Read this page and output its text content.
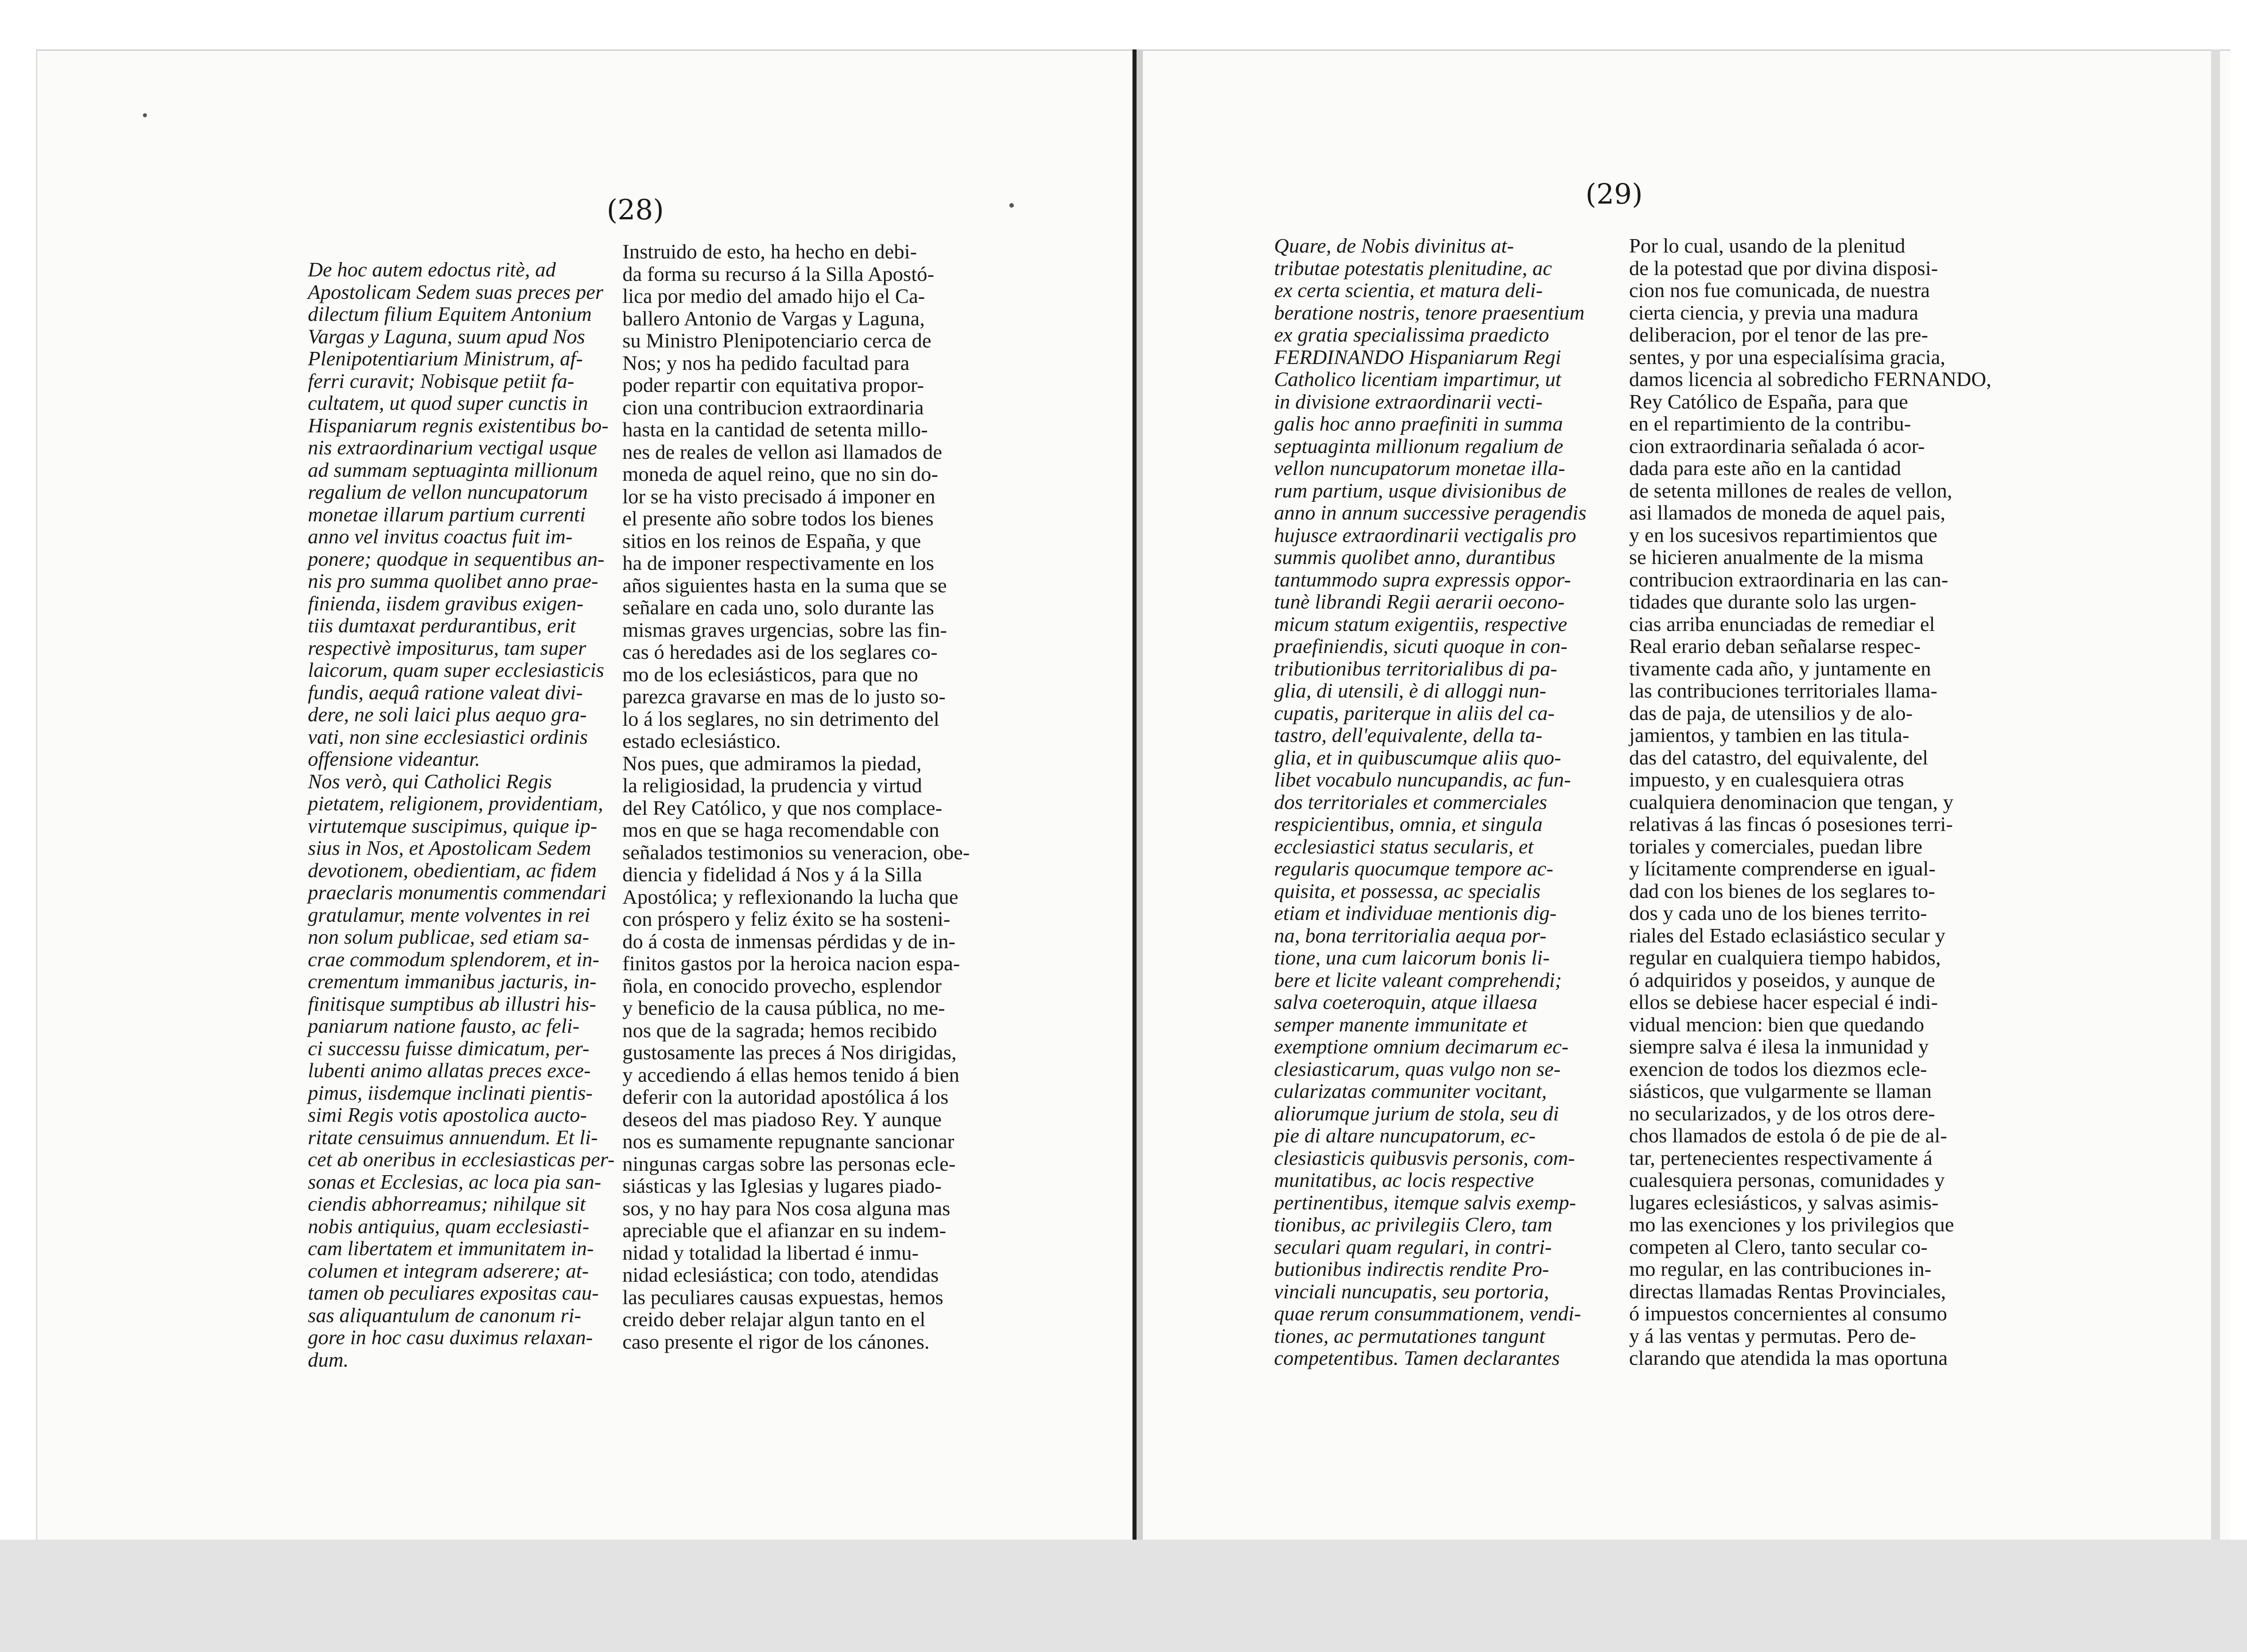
(28)	(29)

De hoc autem edoctus ritè, ad
Apostolicam Sedem suas preces per
dilectum filium Equitem Antonium
Vargas y Laguna, suum apud Nos
Plenipotentiarium Ministrum, af-
ferri curavit; Nobisque petiit fa-
cultatem, ut quod super cunctis in
Hispaniarum regnis existentibus bo-
nis extraordinarium vectigal usque
ad summam septuaginta millionum
regalium de vellon nuncupatorum
monetae illarum partium currenti
anno vel invitus coactus fuit im-
ponere; quodque in sequentibus an-
nis pro summa quolibet anno prae-
finienda, iisdem gravibus exigen-
tiis dumtaxat perdurantibus, erit
respectivè impositurus, tam super
laicorum, quam super ecclesiasticis
fundis, aequâ ratione valeat divi-
dere, ne soli laici plus aequo gra-
vati, non sine ecclesiastici ordinis
offensione videantur.
Nos verò, qui Catholici Regis
pietatem, religionem, providentiam,
virtutemque suscipimus, quique ip-
sius in Nos, et Apostolicam Sedem
devotionem, obedientiam, ac fidem
praeclaris monumentis commendari
gratulamur, mente volventes in rei
non solum publicae, sed etiam sa-
crae commodum splendorem, et in-
crementum immanibus jacturis, in-
finitisque sumptibus ab illustri his-
paniarum natione fausto, ac feli-
ci successu fuisse dimicatum, per-
lubenti animo allatas preces exce-
pimus, iisdemque inclinati pientis-
simi Regis votis apostolica aucto-
ritate censuimus annuendum. Et li-
cet ab oneribus in ecclesiasticas per-
sonas et Ecclesias, ac loca pia san-
ciendis abhorreamus; nihilque sit
nobis antiquius, quam ecclesiasti-
cam libertatem et immunitatem in-
columen et integram adserere; at-
tamen ob peculiares expositas cau-
sas aliquantulum de canonum ri-
gore in hoc casu duximus relaxan-
dum.
Instruido de esto, ha hecho en debi-
da forma su recurso á la Silla Apostó-
lica por medio del amado hijo el Ca-
ballero Antonio de Vargas y Laguna,
su Ministro Plenipotenciario cerca de
Nos; y nos ha pedido facultad para
poder repartir con equitativa propor-
cion una contribucion extraordinaria
hasta en la cantidad de setenta millo-
nes de reales de vellon asi llamados de
moneda de aquel reino, que no sin do-
lor se ha visto precisado á imponer en
el presente año sobre todos los bienes
sitios en los reinos de España, y que
ha de imponer respectivamente en los
años siguientes hasta en la suma que se
señalare en cada uno, solo durante las
mismas graves urgencias, sobre las fin-
cas ó heredades asi de los seglares co-
mo de los eclesiásticos, para que no
parezca gravarse en mas de lo justo so-
lo á los seglares, no sin detrimento del
estado eclesiástico.
Nos pues, que admiramos la piedad,
la religiosidad, la prudencia y virtud
del Rey Católico, y que nos complace-
mos en que se haga recomendable con
señalados testimonios su veneracion, obe-
diencia y fidelidad á Nos y á la Silla
Apostólica; y reflexionando la lucha que
con próspero y feliz éxito se ha sosteni-
do á costa de inmensas pérdidas y de in-
finitos gastos por la heroica nacion espa-
ñola, en conocido provecho, esplendor
y beneficio de la causa pública, no me-
nos que de la sagrada; hemos recibido
gustosamente las preces á Nos dirigidas,
y accediendo á ellas hemos tenido á bien
deferir con la autoridad apostólica á los
deseos del mas piadoso Rey. Y aunque
nos es sumamente repugnante sancionar
ningunas cargas sobre las personas ecle-
siásticas y las Iglesias y lugares piado-
sos, y no hay para Nos cosa alguna mas
apreciable que el afianzar en su indem-
nidad y totalidad la libertad é inmu-
nidad eclesiástica; con todo, atendidas
las peculiares causas expuestas, hemos
creido deber relajar algun tanto en el
caso presente el rigor de los cánones.
Quare, de Nobis divinitus at-
tributae potestatis plenitudine, ac
ex certa scientia, et matura deli-
beratione nostris, tenore praesentium
ex gratia specialissima praedicto
FERDINANDO Hispaniarum Regi
Catholico licentiam impartimur, ut
in divisione extraordinarii vecti-
galis hoc anno praefiniti in summa
septuaginta millionum regalium de
vellon nuncupatorum monetae illa-
rum partium, usque divisionibus de
anno in annum successive peragendis
hujusce extraordinarii vectigalis pro
summis quolibet anno, durantibus
tantummodo supra expressis oppor-
tunè librandi Regii aerarii oecono-
micum statum exigentiis, respective
praefiniendis, sicuti quoque in con-
tributionibus territorialibus di pa-
glia, di utensili, è di alloggi nun-
cupatis, pariterque in aliis del ca-
tastro, dell'equivalente, della ta-
glia, et in quibuscumque aliis quo-
libet vocabulo nuncupandis, ac fun-
dos territoriales et commerciales
respicientibus, omnia, et singula
ecclesiastici status secularis, et
regularis quocumque tempore ac-
quisita, et possessa, ac specialis
etiam et individuae mentionis dig-
na, bona territorialia aequa por-
tione, una cum laicorum bonis li-
bere et licite valeant comprehendi;
salva coeteroquin, atque illaesa
semper manente immunitate et
exemptione omnium decimarum ec-
clesiasticarum, quas vulgo non se-
cularizatas communiter vocitant,
aliorumque jurium de stola, seu di
pie di altare nuncupatorum, ec-
clesiasticis quibusvis personis, com-
munitatibus, ac locis respective
pertinentibus, itemque salvis exemp-
tionibus, ac privilegiis Clero, tam
seculari quam regulari, in contri-
butionibus indirectis rendite Pro-
vinciali nuncupatis, seu portoria,
quae rerum consummationem, vendi-
tiones, ac permutationes tangunt
competentibus. Tamen declarantes
Por lo cual, usando de la plenitud
de la potestad que por divina disposi-
cion nos fue comunicada, de nuestra
cierta ciencia, y previa una madura
deliberacion, por el tenor de las pre-
sentes, y por una especialísima gracia,
damos licencia al sobredicho FERNANDO,
Rey Católico de España, para que
en el repartimiento de la contribu-
cion extraordinaria señalada ó acor-
dada para este año en la cantidad
de setenta millones de reales de vellon,
asi llamados de moneda de aquel pais,
y en los sucesivos repartimientos que
se hicieren anualmente de la misma
contribucion extraordinaria en las can-
tidades que durante solo las urgen-
cias arriba enunciadas de remediar el
Real erario deban señalarse respec-
tivamente cada año, y juntamente en
las contribuciones territoriales llama-
das de paja, de utensilios y de alo-
jamientos, y tambien en las titula-
das del catastro, del equivalente, del
impuesto, y en cualesquiera otras
cualquiera denominacion que tengan, y
relativas á las fincas ó posesiones terri-
toriales y comerciales, puedan libre
y lícitamente comprenderse en igual-
dad con los bienes de los seglares to-
dos y cada uno de los bienes territo-
riales del Estado eclasiástico secular y
regular en cualquiera tiempo habidos,
ó adquiridos y poseidos, y aunque de
ellos se debiese hacer especial é indi-
vidual mencion: bien que quedando
siempre salva é ilesa la inmunidad y
exencion de todos los diezmos ecle-
siásticos, que vulgarmente se llaman
no secularizados, y de los otros dere-
chos llamados de estola ó de pie de al-
tar, pertenecientes respectivamente á
cualesquiera personas, comunidades y
lugares eclesiásticos, y salvas asimis-
mo las exenciones y los privilegios que
competen al Clero, tanto secular co-
mo regular, en las contribuciones in-
directas llamadas Rentas Provinciales,
ó impuestos concernientes al consumo
y á las ventas y permutas. Pero de-
clarando que atendida la mas oportuna
